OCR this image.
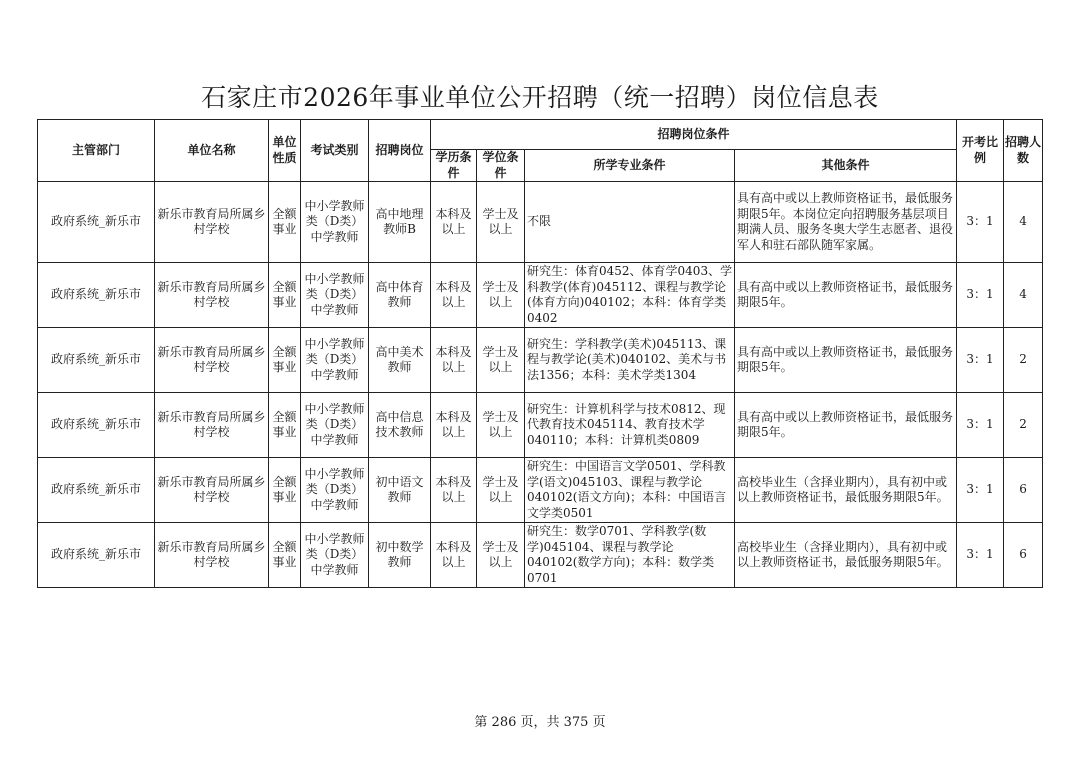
石家庄市2026年事业单位公开招聘（统一招聘）岗位信息表
主管部门	单位名称	单位性质	考试类别	招聘岗位	招聘岗位条件				开考比例	招聘人数
					学历条件	学位条件	所学专业条件	其他条件		
政府系统_新乐市	新乐市教育局所属乡村学校	全额事业	中小学教师类（D类）中学教师	高中地理教师B	本科及以上	学士及以上	不限	具有高中或以上教师资格证书，最低服务期限5年。本岗位定向招聘服务基层项目期满人员、服务冬奥大学生志愿者、退役军人和驻石部队随军家属。	3：1	4
政府系统_新乐市	新乐市教育局所属乡村学校	全额事业	中小学教师类（D类）中学教师	高中体育教师	本科及以上	学士及以上	研究生：体育0452、体育学0403、学科教学(体育)045112、课程与教学论(体育方向)040102；本科：体育学类0402	具有高中或以上教师资格证书，最低服务期限5年。	3：1	4
政府系统_新乐市	新乐市教育局所属乡村学校	全额事业	中小学教师类（D类）中学教师	高中美术教师	本科及以上	学士及以上	研究生：学科教学(美术)045113、课程与教学论(美术)040102、美术与书法1356；本科：美术学类1304	具有高中或以上教师资格证书，最低服务期限5年。	3：1	2
政府系统_新乐市	新乐市教育局所属乡村学校	全额事业	中小学教师类（D类）中学教师	高中信息技术教师	本科及以上	学士及以上	研究生：计算机科学与技术0812、现代教育技术045114、教育技术学040110；本科：计算机类0809	具有高中或以上教师资格证书，最低服务期限5年。	3：1	2
政府系统_新乐市	新乐市教育局所属乡村学校	全额事业	中小学教师类（D类）中学教师	初中语文教师	本科及以上	学士及以上	研究生：中国语言文学0501、学科教学(语文)045103、课程与教学论040102(语文方向)；本科：中国语言文学类0501	高校毕业生（含择业期内），具有初中或以上教师资格证书，最低服务期限5年。	3：1	6
政府系统_新乐市	新乐市教育局所属乡村学校	全额事业	中小学教师类（D类）中学教师	初中数学教师	本科及以上	学士及以上	研究生：数学0701、学科教学(数学)045104、课程与教学论040102(数学方向)；本科：数学类0701	高校毕业生（含择业期内），具有初中或以上教师资格证书，最低服务期限5年。	3：1	6
第 286 页，共 375 页
